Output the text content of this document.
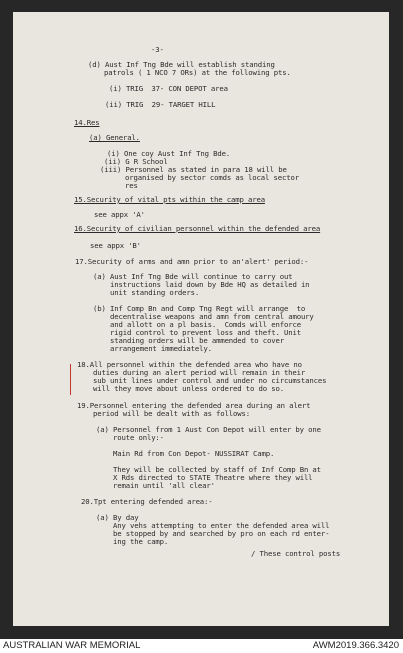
-3-
(d) Aust Inf Tng Bde will establish standing
patrols ( 1 NCO 7 ORs) at the following pts.
(i) TRIG  37- CON DEPOT area
(ii) TRIG  29- TARGET HILL
14.Res
(a) General.
(i) One coy Aust Inf Tng Bde.
(ii) G R School
(iii) Personnel as stated in para 18 will be
organised by sector comds as local sector
res
15.Security of vital pts within the camp area
see appx 'A'
16.Security of civilian personnel within the defended area
see appx 'B'
17.Security of arms and amn prior to an'alert' period:-
(a) Aust Inf Tng Bde will continue to carry out
instructions laid down by Bde HQ as detailed in
unit standing orders.
(b) Inf Comp Bn and Comp Tng Regt will arrange  to
decentralise weapons and amn from central amoury
and allott on a pl basis.  Comds will enforce
rigid control to prevent loss and theft. Unit
standing orders will be ammended to cover
arrangement immediately.
18.All personnel within the defended area who have no
duties during an alert period will remain in their
sub unit lines under control and under no circumstances
will they move about unless ordered to do so.
19.Personnel entering the defended area during an alert
period will be dealt with as follows:
(a) Personnel from 1 Aust Con Depot will enter by one
route only:-
Main Rd from Con Depot- NUSSIRAT Camp.
They will be collected by staff of Inf Comp Bn at
X Rds directed to STATE Theatre where they will
remain until 'all clear'
20.Tpt entering defended area:-
(a) By day
Any vehs attempting to enter the defended area will
be stopped by and searched by pro on each rd enter-
ing the camp.
/ These control posts
AUSTRALIAN WAR MEMORIAL	AWM2019.366.3420
